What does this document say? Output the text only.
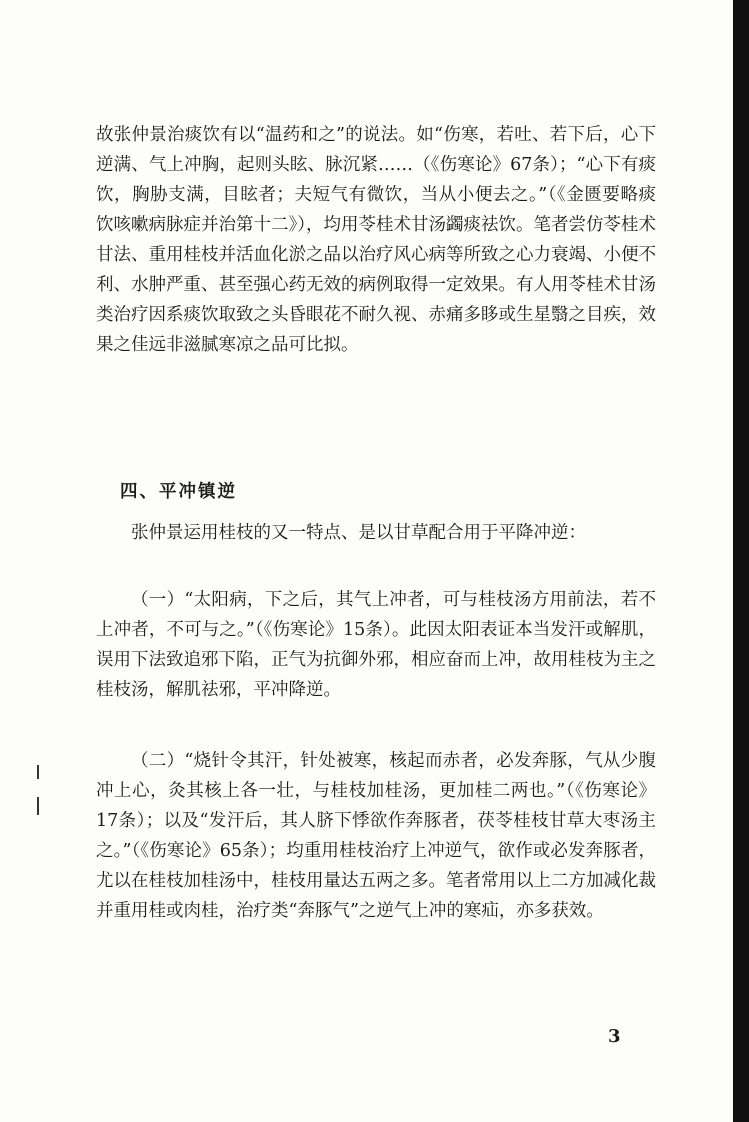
故张仲景治痰饮有以“温药和之”的说法。如“伤寒，若吐、若下后，心下逆满、气上冲胸，起则头眩、脉沉紧……（《伤寒论》67条）；“心下有痰饮，胸胁支满，目眩者；夫短气有微饮，当从小便去之。”（《金匮要略痰饮咳嗽病脉症并治第十二》），均用苓桂术甘汤蠲痰祛饮。笔者尝仿苓桂术甘法、重用桂枝并活血化淤之品以治疗风心病等所致之心力衰竭、小便不利、水肿严重、甚至强心药无效的病例取得一定效果。有人用苓桂术甘汤类治疗因系痰饮取致之头昏眼花不耐久视、赤痛多眵或生星翳之目疾，效果之佳远非滋腻寒凉之品可比拟。

四、平冲镇逆

张仲景运用桂枝的又一特点、是以甘草配合用于平降冲逆：

（一）“太阳病，下之后，其气上冲者，可与桂枝汤方用前法，若不上冲者，不可与之。”（《伤寒论》15条）。此因太阳表证本当发汗或解肌，误用下法致追邪下陷，正气为抗御外邪，相应奋而上冲，故用桂枝为主之桂枝汤，解肌祛邪，平冲降逆。

（二）“烧针令其汗，针处被寒，核起而赤者，必发奔豚，气从少腹冲上心，灸其核上各一壮，与桂枝加桂汤，更加桂二两也。”（《伤寒论》17条）；以及“发汗后，其人脐下悸欲作奔豚者，茯苓桂枝甘草大枣汤主之。”（《伤寒论》65条）；均重用桂枝治疗上冲逆气，欲作或必发奔豚者，尤以在桂枝加桂汤中，桂枝用量达五两之多。笔者常用以上二方加减化裁并重用桂或肉桂，治疗类“奔豚气”之逆气上冲的寒疝，亦多获效。

3
